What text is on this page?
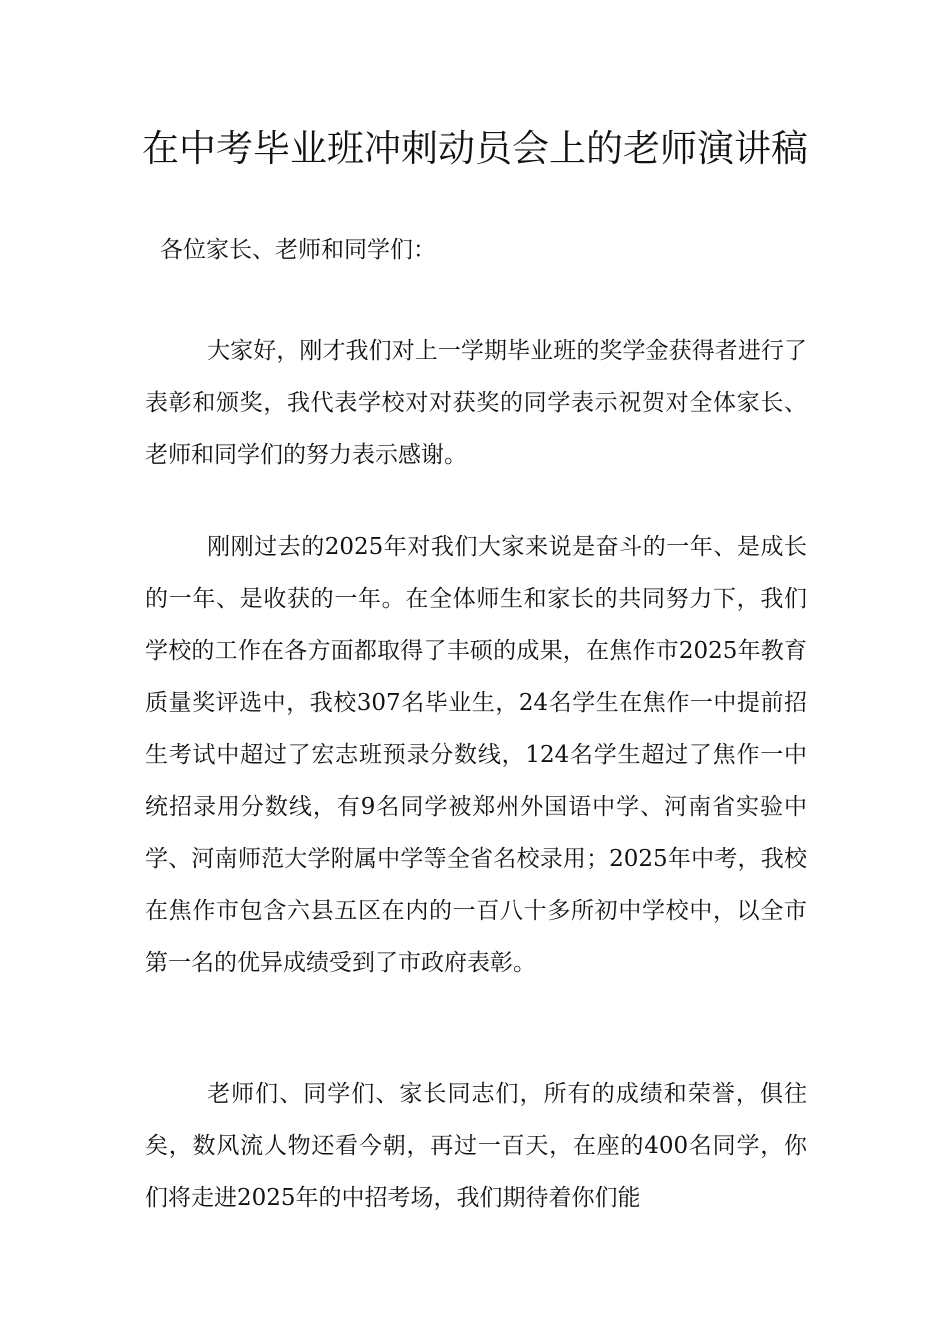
在中考毕业班冲刺动员会上的老师演讲稿

各位家长、老师和同学们：

大家好，刚才我们对上一学期毕业班的奖学金获得者进行了表彰和颁奖，我代表学校对对获奖的同学表示祝贺对全体家长、老师和同学们的努力表示感谢。

刚刚过去的2025年对我们大家来说是奋斗的一年、是成长的一年、是收获的一年。在全体师生和家长的共同努力下，我们学校的工作在各方面都取得了丰硕的成果，在焦作市2025年教育质量奖评选中，我校307名毕业生，24名学生在焦作一中提前招生考试中超过了宏志班预录分数线，124名学生超过了焦作一中统招录用分数线，有9名同学被郑州外国语中学、河南省实验中学、河南师范大学附属中学等全省名校录用；2025年中考，我校在焦作市包含六县五区在内的一百八十多所初中学校中，以全市第一名的优异成绩受到了市政府表彰。

老师们、同学们、家长同志们，所有的成绩和荣誉，俱往矣，数风流人物还看今朝，再过一百天，在座的400名同学，你们将走进2025年的中招考场，我们期待着你们能
